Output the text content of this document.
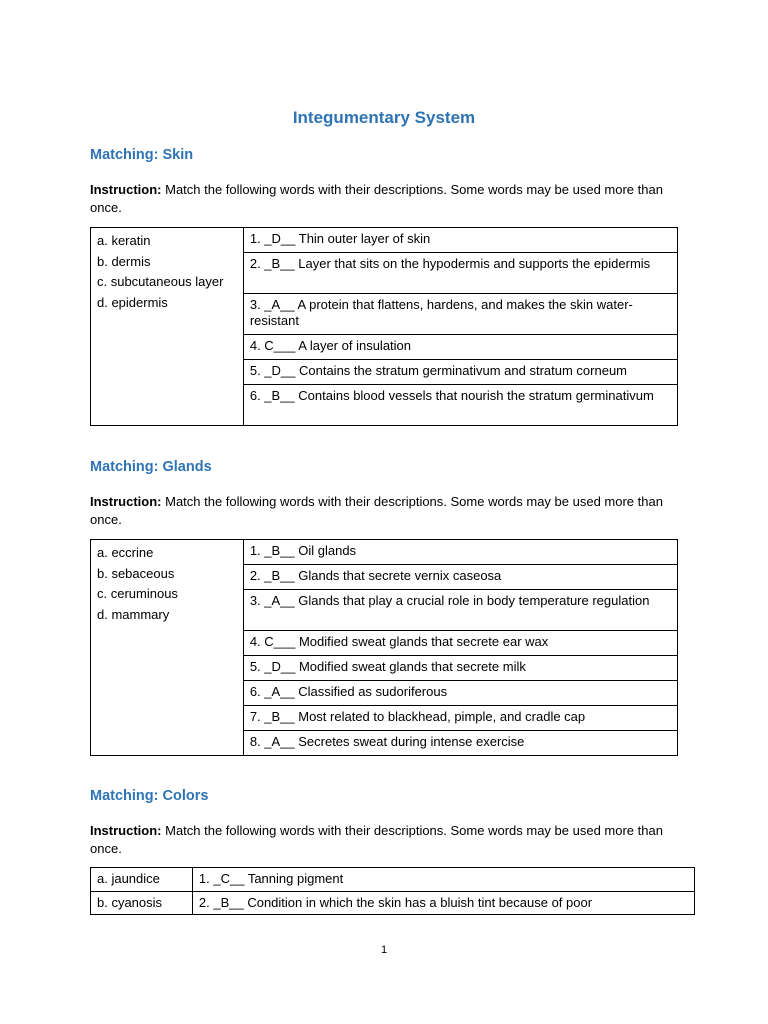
Integumentary System
Matching: Skin
Instruction: Match the following words with their descriptions. Some words may be used more than once.
a. keratin
b. dermis
c. subcutaneous layer
d. epidermis
	1. _D__ Thin outer layer of skin
2. _B__ Layer that sits on the hypodermis and supports the epidermis
3. _A__ A protein that flattens, hardens, and makes the skin water-resistant
4. C___ A layer of insulation
5. _D__ Contains the stratum germinativum and stratum corneum
6. _B__ Contains blood vessels that nourish the stratum germinativum
Matching: Glands
Instruction: Match the following words with their descriptions. Some words may be used more than once.
a. eccrine
b. sebaceous
c. ceruminous
d. mammary
	1. _B__ Oil glands
2. _B__ Glands that secrete vernix caseosa
3. _A__ Glands that play a crucial role in body temperature regulation
4. C___ Modified sweat glands that secrete ear wax
5. _D__ Modified sweat glands that secrete milk
6. _A__ Classified as sudoriferous
7. _B__ Most related to blackhead, pimple, and cradle cap
8. _A__ Secretes sweat during intense exercise
Matching: Colors
Instruction: Match the following words with their descriptions. Some words may be used more than once.
a. jaundice	1. _C__ Tanning pigment
b. cyanosis	2. _B__ Condition in which the skin has a bluish tint because of poor
1
